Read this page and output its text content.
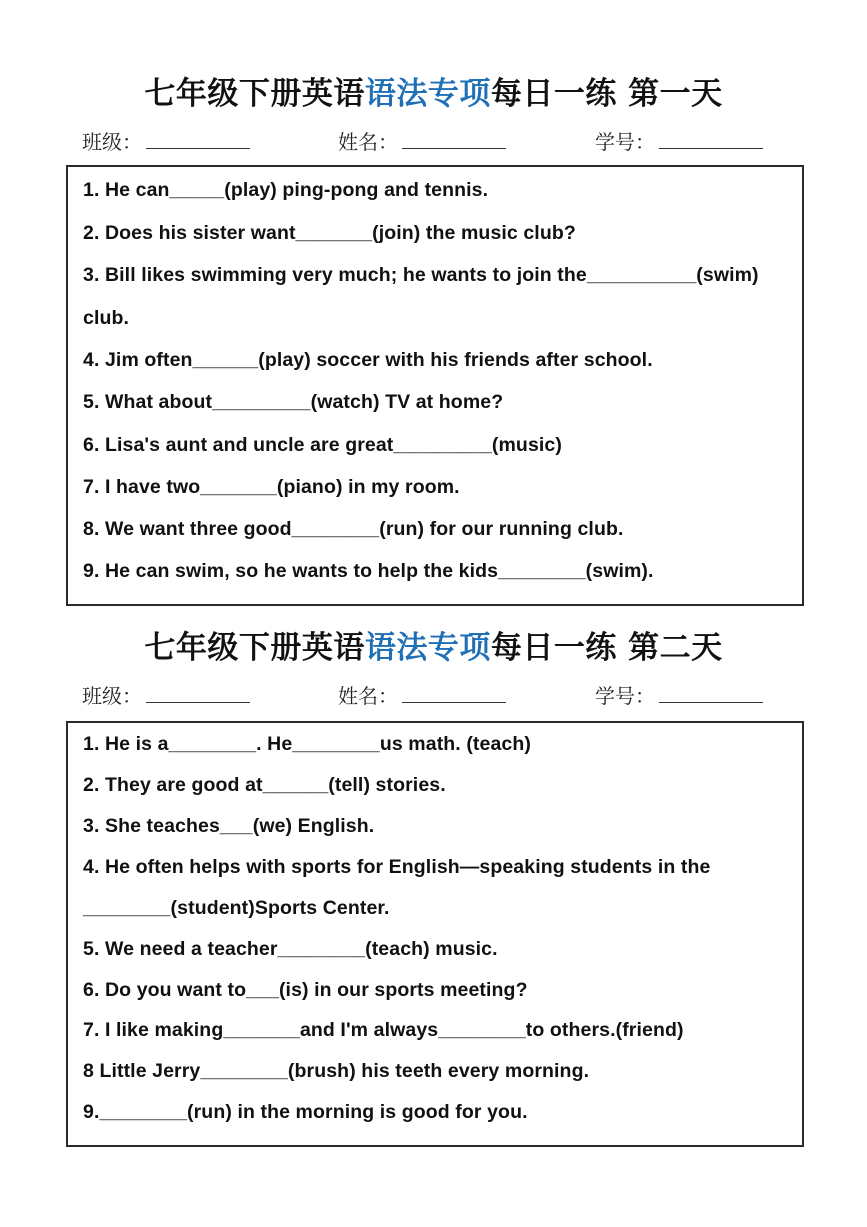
七年级下册英语语法专项每日一练 第一天
班级：	姓名：	学号：
1. He can_____(play) ping-pong and tennis.
2. Does his sister want_______(join) the music club?
3. Bill likes swimming very much; he wants to join the__________(swim)
club.
4. Jim often______(play) soccer with his friends after school.
5. What about_________(watch) TV at home?
6. Lisa's aunt and uncle are great_________(music)
7. I have two_______(piano) in my room.
8. We want three good________(run) for our running club.
9. He can swim, so he wants to help the kids________(swim).
七年级下册英语语法专项每日一练 第二天
班级：	姓名：	学号：
1. He is a________. He________us math. (teach)
2. They are good at______(tell) stories.
3. She teaches___(we) English.
4. He often helps with sports for English—speaking students in the
________(student)Sports Center.
5. We need a teacher________(teach) music.
6. Do you want to___(is) in our sports meeting?
7. I like making_______and I'm always________to others.(friend)
8 Little Jerry________(brush) his teeth every morning.
9.________(run) in the morning is good for you.
